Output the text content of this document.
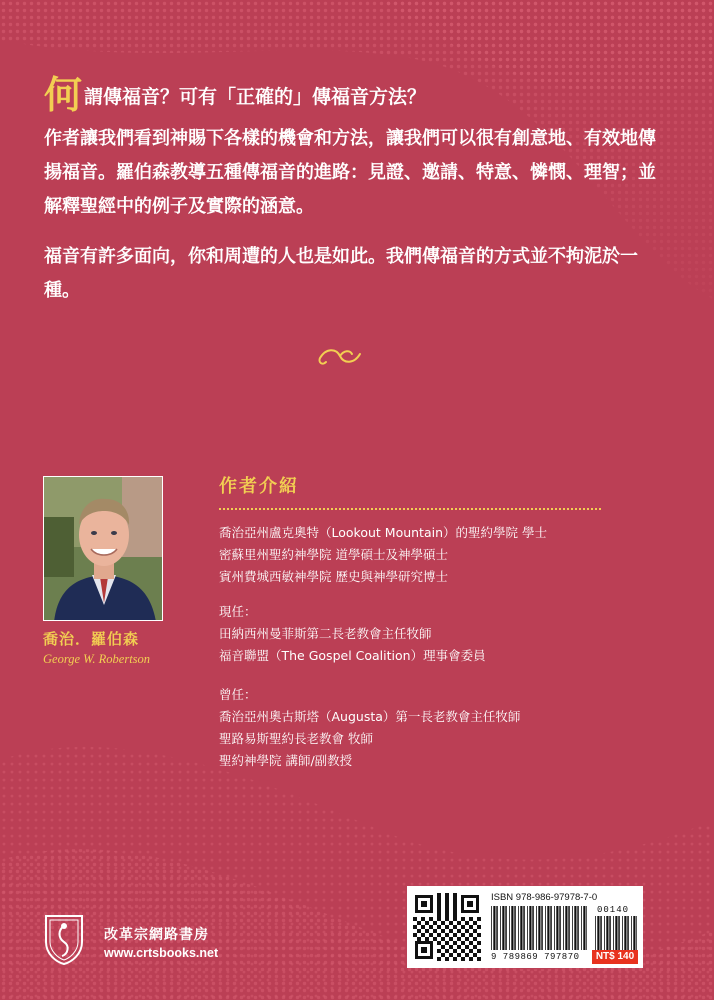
何謂傳福音？可有「正確的」傳福音方法？

作者讓我們看到神賜下各樣的機會和方法，讓我們可以很有創意地、有效地傳揚福音。羅伯森教導五種傳福音的進路：見證、邀請、特意、憐憫、理智；並解釋聖經中的例子及實際的涵意。

福音有許多面向，你和周遭的人也是如此。我們傳福音的方式並不拘泥於一種。

喬治．羅伯森
George W. Robertson
作者介紹
喬治亞州盧克奧特（Lookout Mountain）的聖約學院 學士
密蘇里州聖約神學院 道學碩士及神學碩士
賓州費城西敏神學院 歷史與神學研究博士
現任：
田納西州曼菲斯第二長老教會主任牧師
福音聯盟（The Gospel Coalition）理事會委員
曾任：
喬治亞州奧古斯塔（Augusta）第一長老教會主任牧師
聖路易斯聖約長老教會 牧師
聖約神學院 講師/副教授
改革宗網路書房
www.crtsbooks.net
ISBN 978-986-97978-7-0
00140
9 789869 797870	NT$ 140
